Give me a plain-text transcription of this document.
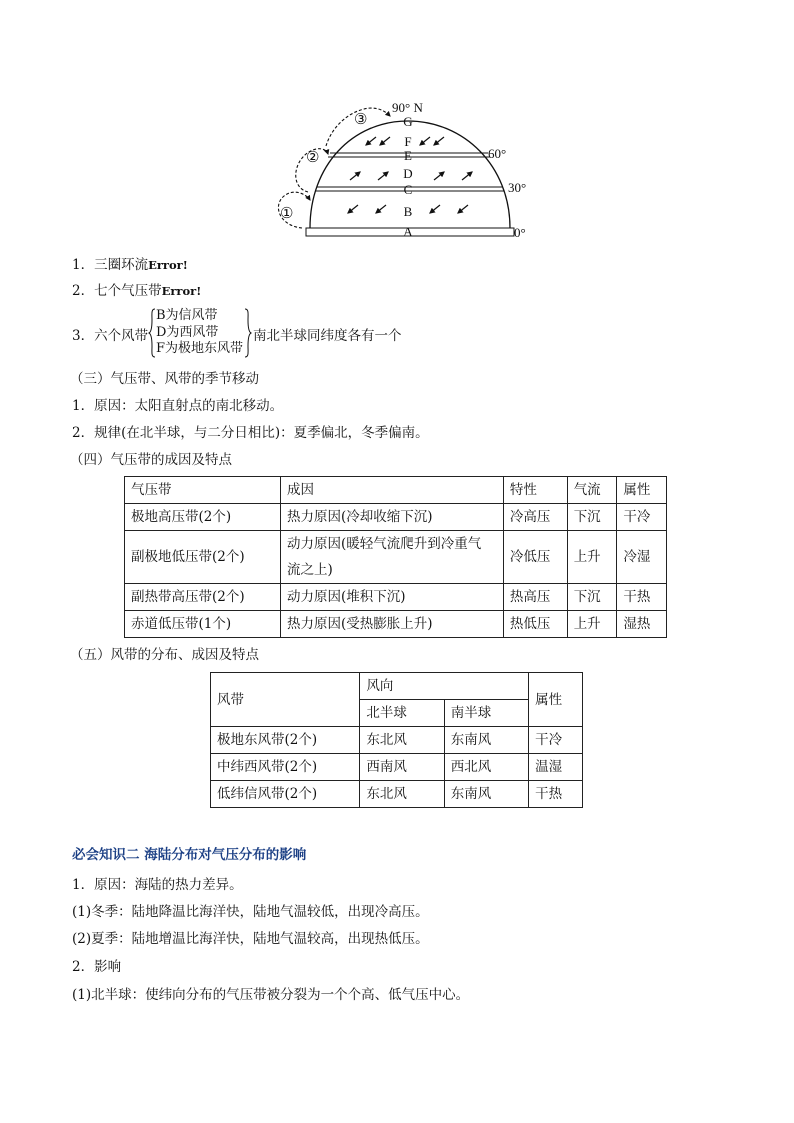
G
F
E
D
C
B
A
90° N
60°
30°
0°
③
②
①
1．三圈环流Error!
2．七个气压带Error!
3．六个风带
B为信风带
D为西风带
F为极地东风带
南北半球同纬度各有一个
（三）气压带、风带的季节移动
1．原因：太阳直射点的南北移动。
2．规律(在北半球，与二分日相比)：夏季偏北，冬季偏南。
（四）气压带的成因及特点
气压带	成因	特性	气流	属性
极地高压带(2个)	热力原因(冷却收缩下沉)	冷高压	下沉	干冷
副极地低压带(2个)	动力原因(暖轻气流爬升到冷重气
流之上)	冷低压	上升	冷湿
副热带高压带(2个)	动力原因(堆积下沉)	热高压	下沉	干热
赤道低压带(1个)	热力原因(受热膨胀上升)	热低压	上升	湿热
（五）风带的分布、成因及特点
风带	风向		属性
	北半球	南半球	
极地东风带(2个)	东北风	东南风	干冷
中纬西风带(2个)	西南风	西北风	温湿
低纬信风带(2个)	东北风	东南风	干热
必会知识二 海陆分布对气压分布的影响
1．原因：海陆的热力差异。
(1)冬季：陆地降温比海洋快，陆地气温较低，出现冷高压。
(2)夏季：陆地增温比海洋快，陆地气温较高，出现热低压。
2．影响
(1)北半球：使纬向分布的气压带被分裂为一个个高、低气压中心。
